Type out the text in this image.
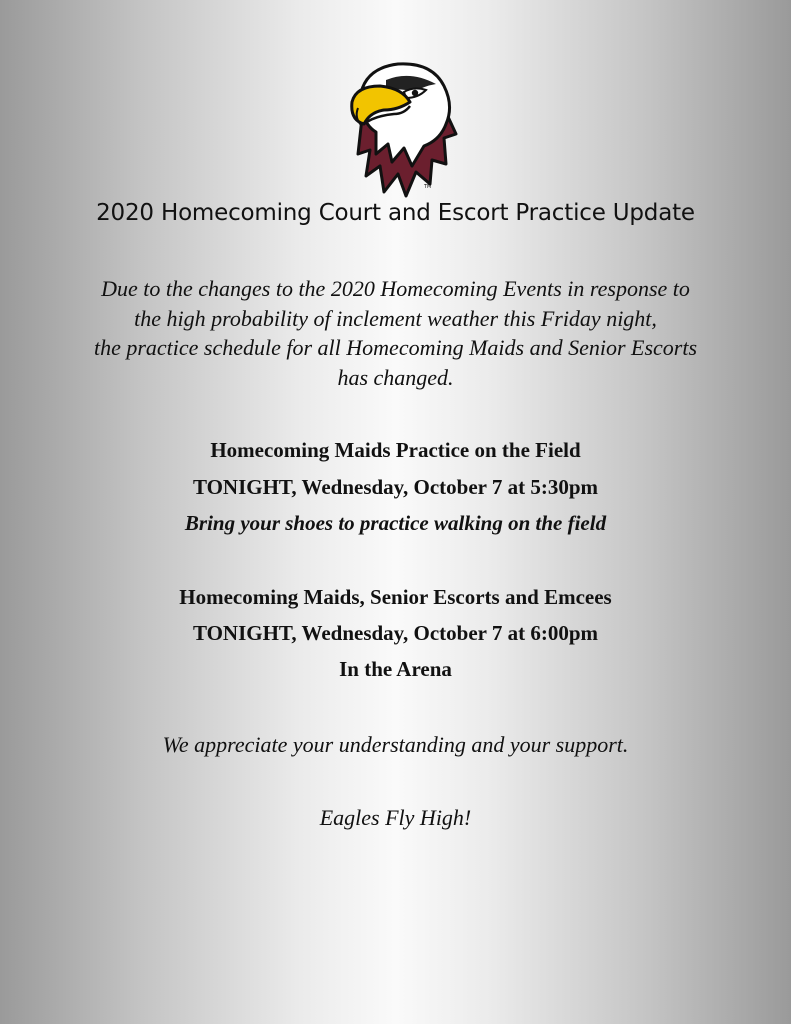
TM
2020 Homecoming Court and Escort Practice Update
Due to the changes to the 2020 Homecoming Events in response to
the high probability of inclement weather this Friday night,
the practice schedule for all Homecoming Maids and Senior Escorts
has changed.
Homecoming Maids Practice on the Field
TONIGHT, Wednesday, October 7 at 5:30pm
Bring your shoes to practice walking on the field
Homecoming Maids, Senior Escorts and Emcees
TONIGHT, Wednesday, October 7 at 6:00pm
In the Arena
We appreciate your understanding and your support.
Eagles Fly High!
